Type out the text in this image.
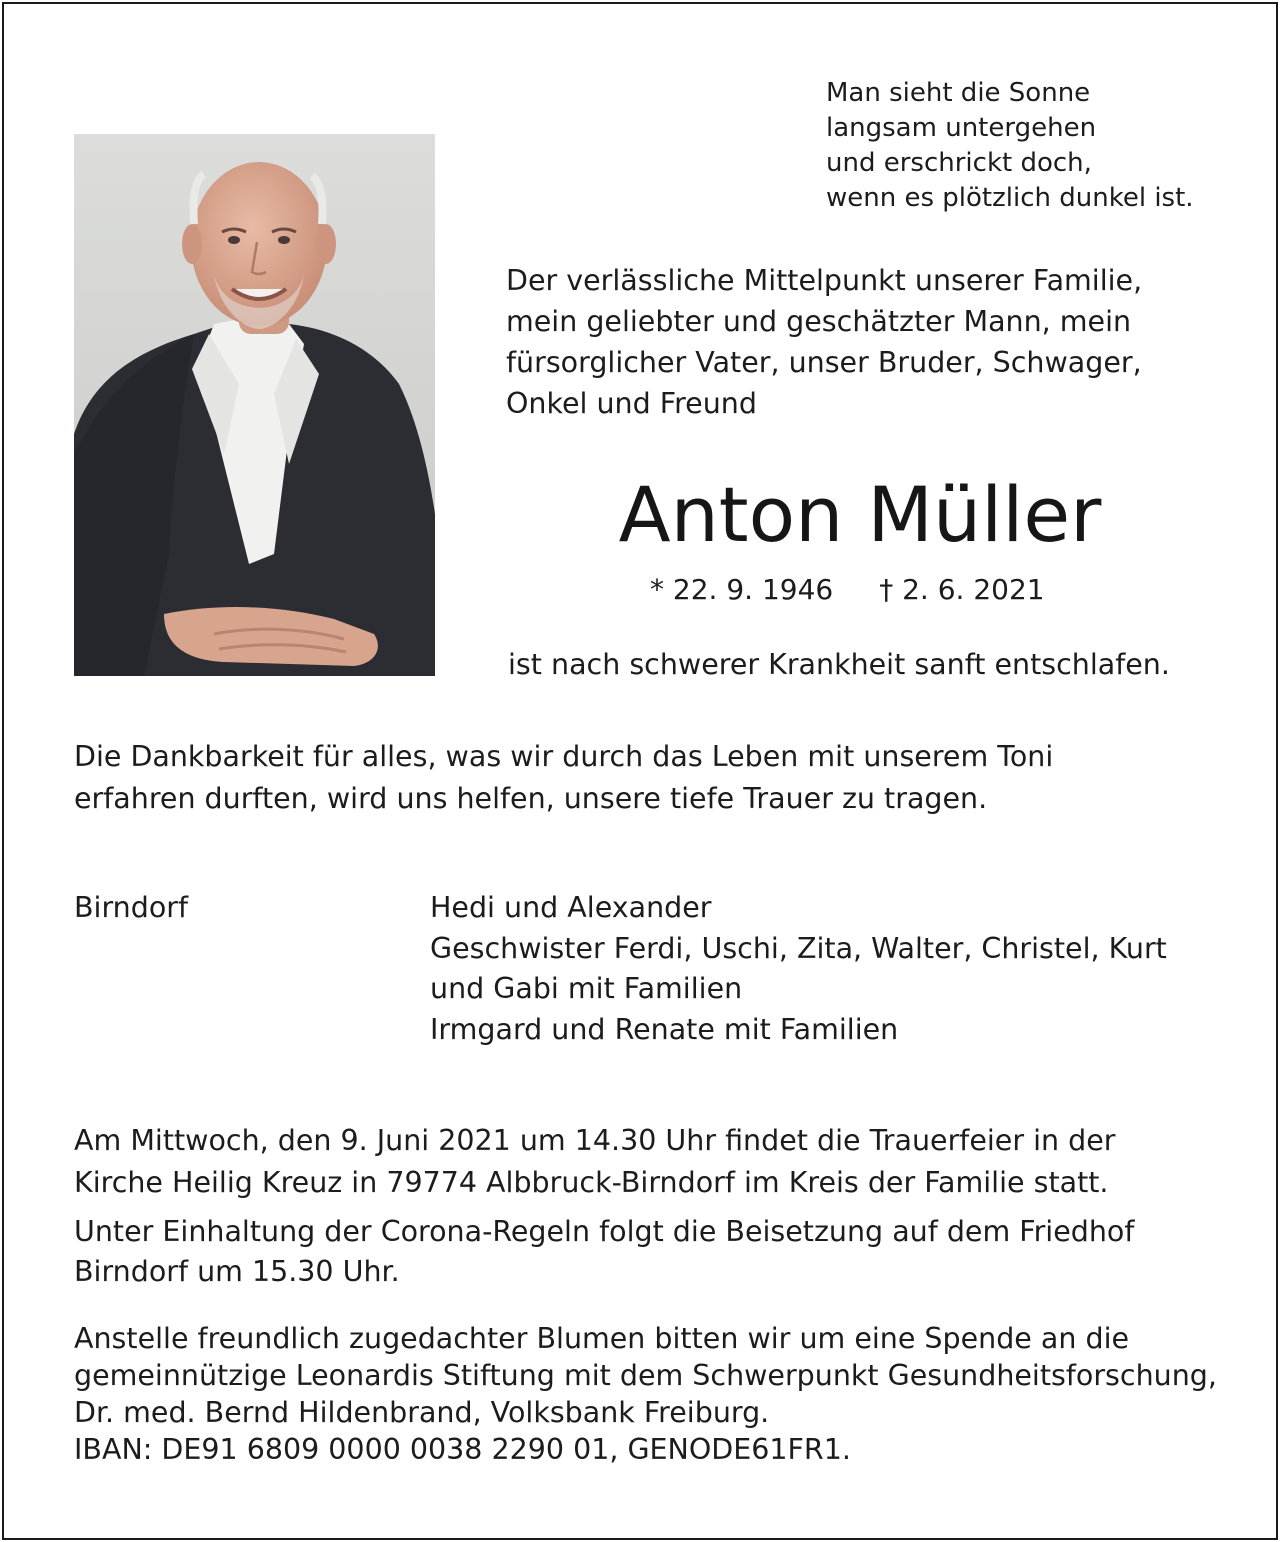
Man sieht die Sonne
langsam untergehen
und erschrickt doch,
wenn es plötzlich dunkel ist.
Der verlässliche Mittelpunkt unserer Familie,
mein geliebter und geschätzter Mann, mein
fürsorglicher Vater, unser Bruder, Schwager,
Onkel und Freund
Anton Müller
* 22. 9. 1946 † 2. 6. 2021
ist nach schwerer Krankheit sanft entschlafen.
Die Dankbarkeit für alles, was wir durch das Leben mit unserem Toni
erfahren durften, wird uns helfen, unsere tiefe Trauer zu tragen.
Birndorf	Hedi und Alexander
Geschwister Ferdi, Uschi, Zita, Walter, Christel, Kurt
und Gabi mit Familien
Irmgard und Renate mit Familien
Am Mittwoch, den 9. Juni 2021 um 14.30 Uhr findet die Trauerfeier in der
Kirche Heilig Kreuz in 79774 Albbruck-Birndorf im Kreis der Familie statt.
Unter Einhaltung der Corona-Regeln folgt die Beisetzung auf dem Friedhof
Birndorf um 15.30 Uhr.
Anstelle freundlich zugedachter Blumen bitten wir um eine Spende an die
gemeinnützige Leonardis Stiftung mit dem Schwerpunkt Gesundheitsforschung,
Dr. med. Bernd Hildenbrand, Volksbank Freiburg.
IBAN: DE91 6809 0000 0038 2290 01, GENODE61FR1.
